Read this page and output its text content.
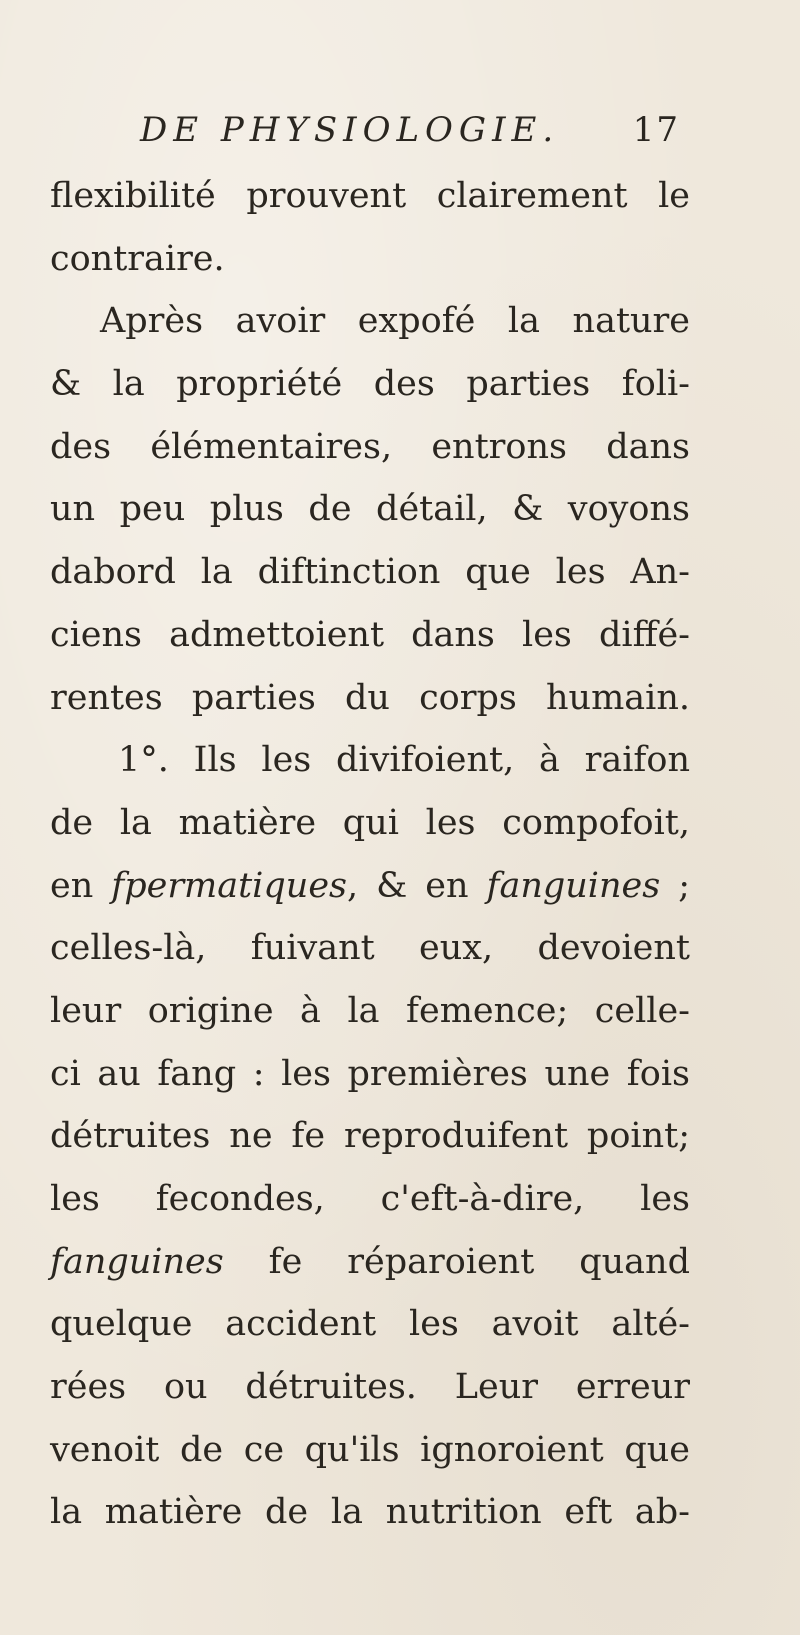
DE PHYSIOLOGIE. 17
flexibilité prouvent clairement le
contraire.
Après avoir expofé la nature
& la propriété des parties foli-
des élémentaires, entrons dans
un peu plus de détail, & voyons
dabord la diftinction que les An-
ciens admettoient dans les diffé-
rentes parties du corps humain.
1°. Ils les divifoient, à raifon
de la matière qui les compofoit,
en fpermatiques, & en fanguines ;
celles-là, fuivant eux, devoient
leur origine à la femence; celle-
ci au fang : les premières une fois
détruites ne fe reproduifent point;
les fecondes, c'eft-à-dire, les
fanguines fe réparoient quand
quelque accident les avoit alté-
rées ou détruites. Leur erreur
venoit de ce qu'ils ignoroient que
la matière de la nutrition eft ab-
